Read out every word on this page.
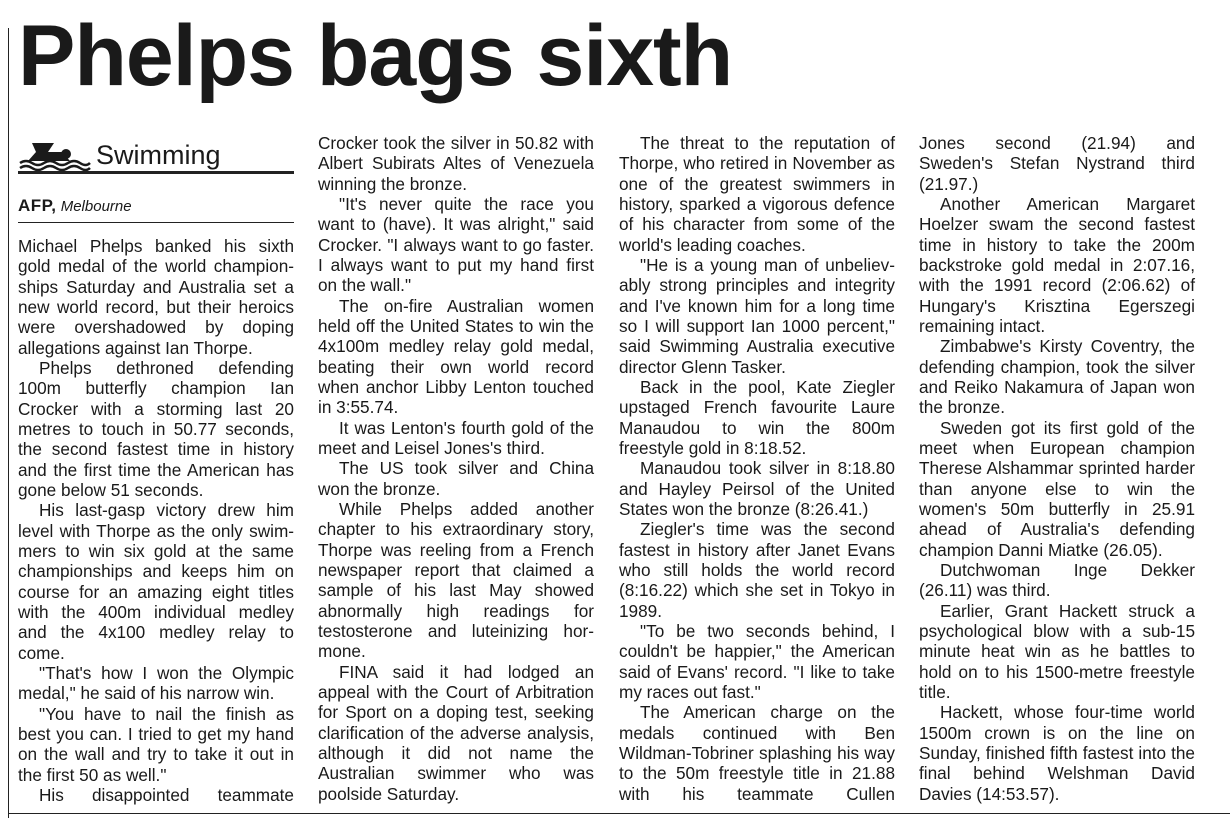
Phelps bags sixth
Swimming
AFP, Melbourne

Michael Phelps banked his sixth gold medal of the world championships Saturday and Australia set a new world record, but their heroics were overshadowed by doping allegations against Ian Thorpe.

Phelps dethroned defending 100m butterfly champion Ian Crocker with a storming last 20 metres to touch in 50.77 seconds, the second fastest time in history and the first time the American has gone below 51 seconds.

His last-gasp victory drew him level with Thorpe as the only swimmers to win six gold at the same championships and keeps him on course for an amazing eight titles with the 400m individual medley and the 4x100 medley relay to come.

"That's how I won the Olympic medal," he said of his narrow win.

"You have to nail the finish as best you can. I tried to get my hand on the wall and try to take it out in the first 50 as well."

His disappointed teammate

Crocker took the silver in 50.82 with Albert Subirats Altes of Venezuela winning the bronze.

"It's never quite the race you want to (have). It was alright," said Crocker. "I always want to go faster. I always want to put my hand first on the wall."

The on-fire Australian women held off the United States to win the 4x100m medley relay gold medal, beating their own world record when anchor Libby Lenton touched in 3:55.74.

It was Lenton's fourth gold of the meet and Leisel Jones's third.

The US took silver and China won the bronze.

While Phelps added another chapter to his extraordinary story, Thorpe was reeling from a French newspaper report that claimed a sample of his last May showed abnormally high readings for testosterone and luteinizing hormone.

FINA said it had lodged an appeal with the Court of Arbitration for Sport on a doping test, seeking clarification of the adverse analysis, although it did not name the Australian swimmer who was poolside Saturday.

The threat to the reputation of Thorpe, who retired in November as one of the greatest swimmers in history, sparked a vigorous defence of his character from some of the world's leading coaches.

"He is a young man of unbelievably strong principles and integrity and I've known him for a long time so I will support Ian 1000 percent," said Swimming Australia executive director Glenn Tasker.

Back in the pool, Kate Ziegler upstaged French favourite Laure Manaudou to win the 800m freestyle gold in 8:18.52.

Manaudou took silver in 8:18.80 and Hayley Peirsol of the United States won the bronze (8:26.41.)

Ziegler's time was the second fastest in history after Janet Evans who still holds the world record (8:16.22) which she set in Tokyo in 1989.

"To be two seconds behind, I couldn't be happier," the American said of Evans' record. "I like to take my races out fast."

The American charge on the medals continued with Ben Wildman-Tobriner splashing his way to the 50m freestyle title in 21.88 with his teammate Cullen

Jones second (21.94) and Sweden's Stefan Nystrand third (21.97.)

Another American Margaret Hoelzer swam the second fastest time in history to take the 200m backstroke gold medal in 2:07.16, with the 1991 record (2:06.62) of Hungary's Krisztina Egerszegi remaining intact.

Zimbabwe's Kirsty Coventry, the defending champion, took the silver and Reiko Nakamura of Japan won the bronze.

Sweden got its first gold of the meet when European champion Therese Alshammar sprinted harder than anyone else to win the women's 50m butterfly in 25.91 ahead of Australia's defending champion Danni Miatke (26.05).

Dutchwoman Inge Dekker (26.11) was third.

Earlier, Grant Hackett struck a psychological blow with a sub-15 minute heat win as he battles to hold on to his 1500-metre freestyle title.

Hackett, whose four-time world 1500m crown is on the line on Sunday, finished fifth fastest into the final behind Welshman David Davies (14:53.57).
